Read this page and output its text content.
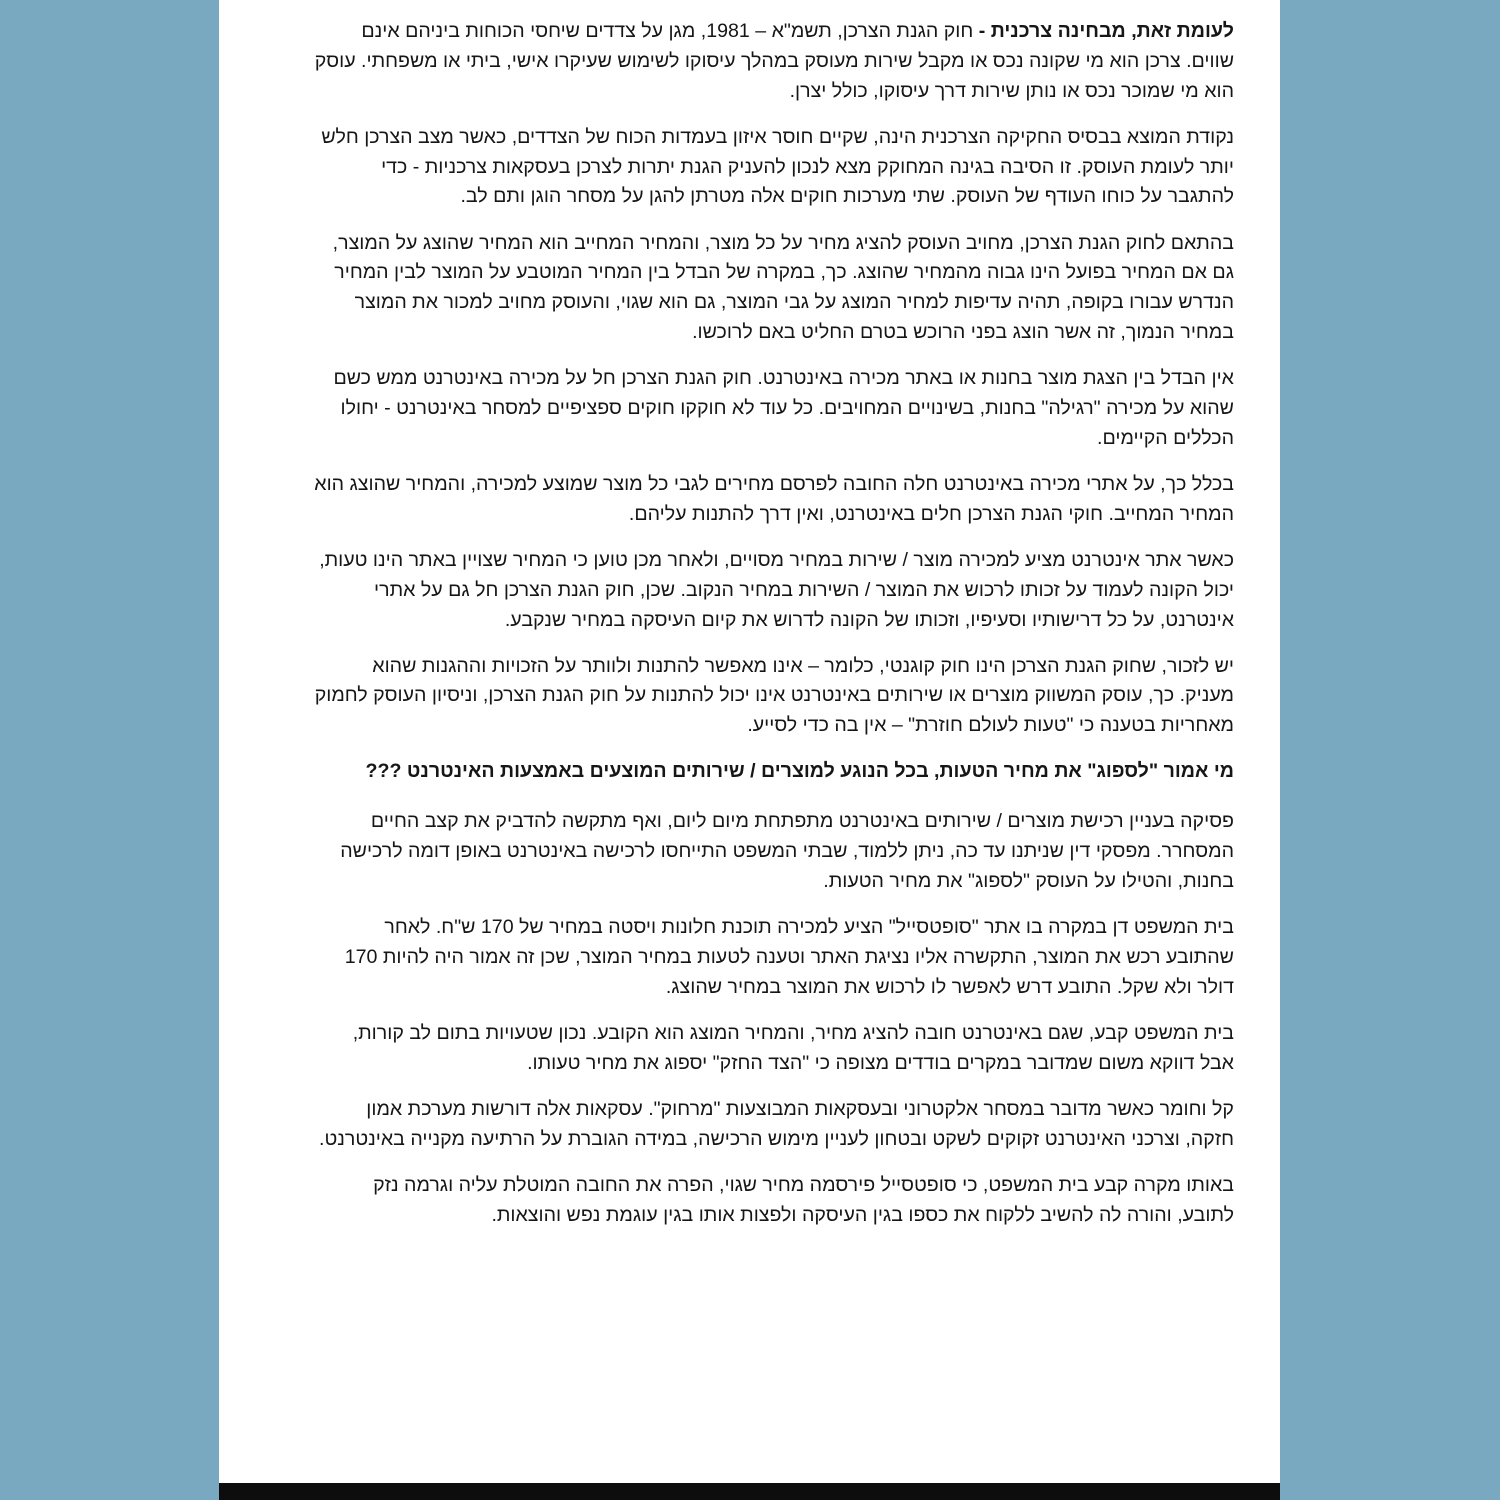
לעומת זאת, מבחינה צרכנית - חוק הגנת הצרכן, תשמ"א – 1981, מגן על צדדים שיחסי הכוחות ביניהם אינם שווים. צרכן הוא מי שקונה נכס או מקבל שירות מעוסק במהלך עיסוקו לשימוש שעיקרו אישי, ביתי או משפחתי. עוסק הוא מי שמוכר נכס או נותן שירות דרך עיסוקו, כולל יצרן.

נקודת המוצא בבסיס החקיקה הצרכנית הינה, שקיים חוסר איזון בעמדות הכוח של הצדדים, כאשר מצב הצרכן חלש יותר לעומת העוסק. זו הסיבה בגינה המחוקק מצא לנכון להעניק הגנת יתרות לצרכן בעסקאות צרכניות - כדי להתגבר על כוחו העודף של העוסק. שתי מערכות חוקים אלה מטרתן להגן על מסחר הוגן ותם לב.

בהתאם לחוק הגנת הצרכן, מחויב העוסק להציג מחיר על כל מוצר, והמחיר המחייב הוא המחיר שהוצג על המוצר, גם אם המחיר בפועל הינו גבוה מהמחיר שהוצג. כך, במקרה של הבדל בין המחיר המוטבע על המוצר לבין המחיר הנדרש עבורו בקופה, תהיה עדיפות למחיר המוצג על גבי המוצר, גם הוא שגוי, והעוסק מחויב למכור את המוצר במחיר הנמוך, זה אשר הוצג בפני הרוכש בטרם החליט באם לרוכשו.

אין הבדל בין הצגת מוצר בחנות או באתר מכירה באינטרנט. חוק הגנת הצרכן חל על מכירה באינטרנט ממש כשם שהוא על מכירה "רגילה" בחנות, בשינויים המחויבים. כל עוד לא חוקקו חוקים ספציפיים למסחר באינטרנט - יחולו הכללים הקיימים.

בכלל כך, על אתרי מכירה באינטרנט חלה החובה לפרסם מחירים לגבי כל מוצר שמוצע למכירה, והמחיר שהוצג הוא המחיר המחייב. חוקי הגנת הצרכן חלים באינטרנט, ואין דרך להתנות עליהם.

כאשר אתר אינטרנט מציע למכירה מוצר / שירות במחיר מסויים, ולאחר מכן טוען כי המחיר שצויין באתר הינו טעות, יכול הקונה לעמוד על זכותו לרכוש את המוצר / השירות במחיר הנקוב. שכן, חוק הגנת הצרכן חל גם על אתרי אינטרנט, על כל דרישותיו וסעיפיו, וזכותו של הקונה לדרוש את קיום העיסקה במחיר שנקבע.

יש לזכור, שחוק הגנת הצרכן הינו חוק קוגנטי, כלומר – אינו מאפשר להתנות ולוותר על הזכויות וההגנות שהוא מעניק. כך, עוסק המשווק מוצרים או שירותים באינטרנט אינו יכול להתנות על חוק הגנת הצרכן, וניסיון העוסק לחמוק מאחריות בטענה כי "טעות לעולם חוזרת" – אין בה כדי לסייע.

מי אמור "לספוג" את מחיר הטעות, בכל הנוגע למוצרים / שירותים המוצעים באמצעות האינטרנט ???

פסיקה בעניין רכישת מוצרים / שירותים באינטרנט מתפתחת מיום ליום, ואף מתקשה להדביק את קצב החיים המסחרר. מפסקי דין שניתנו עד כה, ניתן ללמוד, שבתי המשפט התייחסו לרכישה באינטרנט באופן דומה לרכישה בחנות, והטילו על העוסק "לספוג" את מחיר הטעות.

בית המשפט דן במקרה בו אתר "סופטסייל" הציע למכירה תוכנת חלונות ויסטה במחיר של 170 ש"ח. לאחר שהתובע רכש את המוצר, התקשרה אליו נציגת האתר וטענה לטעות במחיר המוצר, שכן זה אמור היה להיות 170 דולר ולא שקל. התובע דרש לאפשר לו לרכוש את המוצר במחיר שהוצג.

בית המשפט קבע, שגם באינטרנט חובה להציג מחיר, והמחיר המוצג הוא הקובע. נכון שטעויות בתום לב קורות, אבל דווקא משום שמדובר במקרים בודדים מצופה כי "הצד החזק" יספוג את מחיר טעותו.

קל וחומר כאשר מדובר במסחר אלקטרוני ובעסקאות המבוצעות "מרחוק". עסקאות אלה דורשות מערכת אמון חזקה, וצרכני האינטרנט זקוקים לשקט ובטחון לעניין מימוש הרכישה, במידה הגוברת על הרתיעה מקנייה באינטרנט.

באותו מקרה קבע בית המשפט, כי סופטסייל פירסמה מחיר שגוי, הפרה את החובה המוטלת עליה וגרמה נזק לתובע, והורה לה להשיב ללקוח את כספו בגין העיסקה ולפצות אותו בגין עוגמת נפש והוצאות.
